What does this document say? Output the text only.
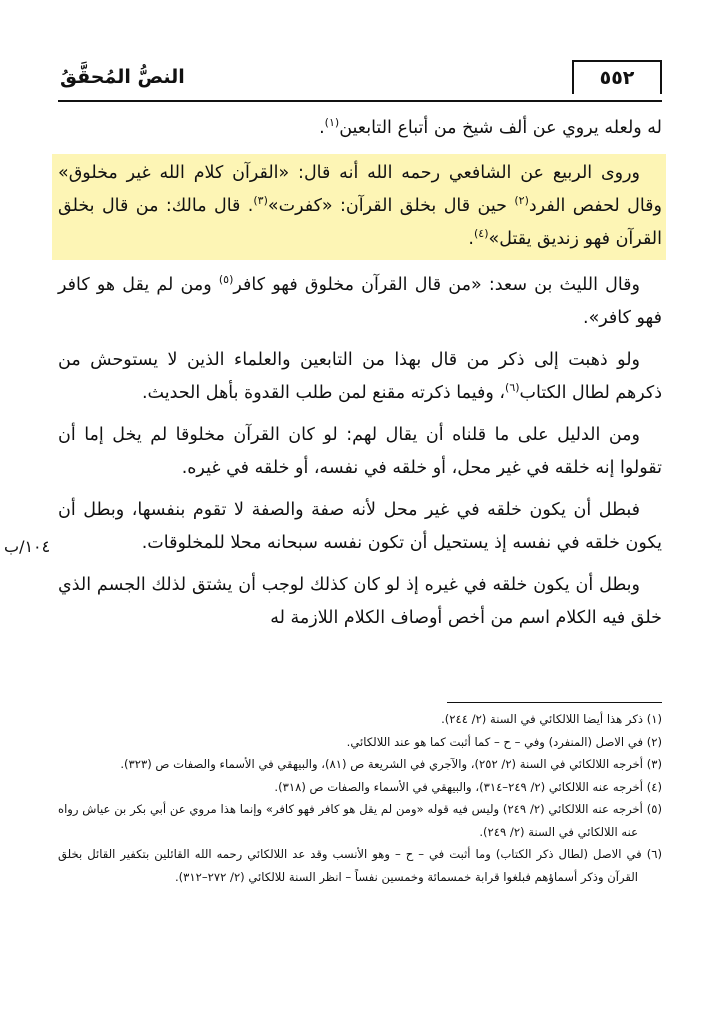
النصُّ المُحقَّقُ	٥٥٢

له ولعله يروي عن ألف شيخ من أتباع التابعين$^{(١)}$.

وروى الربيع عن الشافعي رحمه الله أنه قال: «القرآن كلام الله غير مخلوق» وقال لحفص الفرد$^{(٢)}$ حين قال بخلق القرآن: «كفرت»$^{(٣)}$. قال مالك: من قال بخلق القرآن فهو زنديق يقتل»$^{(٤)}$.

وقال الليث بن سعد: «من قال القرآن مخلوق فهو كافر$^{(٥)}$ ومن لم يقل هو كافر فهو كافر».

ولو ذهبت إلى ذكر من قال بهذا من التابعين والعلماء الذين لا يستوحش من ذكرهم لطال الكتاب$^{(٦)}$، وفيما ذكرته مقنع لمن طلب القدوة بأهل الحديث.

ومن الدليل على ما قلناه أن يقال لهم: لو كان القرآن مخلوقا لم يخل إما أن تقولوا إنه خلقه في غير محل، أو خلقه في نفسه، أو خلقه في غيره.

فبطل أن يكون خلقه في غير محل لأنه صفة والصفة لا تقوم بنفسها، وبطل أن يكون خلقه في نفسه إذ يستحيل أن تكون نفسه سبحانه محلا للمخلوقات.

وبطل أن يكون خلقه في غيره إذ لو كان كذلك لوجب أن يشتق لذلك الجسم الذي خلق فيه الكلام اسم من أخص أوصاف الكلام اللازمة له

١٠٤/ب

(١) ذكر هذا أيضا اللالكائي في السنة (٢/ ٢٤٤).

(٢) في الاصل (المنفرد) وفي – ح – كما أثبت كما هو عند اللالكائي.

(٣) أخرجه اللالكائي في السنة (٢/ ٢٥٢)، والآجري في الشريعة ص (٨١)، والبيهقي في الأسماء والصفات ص (٣٢٣).

(٤) أخرجه عنه اللالكائي (٢/ ٢٤٩–٣١٤)، والبيهقي في الأسماء والصفات ص (٣١٨).

(٥) أخرجه عنه اللالكائي (٢/ ٢٤٩) وليس فيه قوله «ومن لم يقل هو كافر فهو كافر» وإنما هذا مروي عن أبي بكر بن عياش رواه عنه اللالكائي في السنة (٢/ ٢٤٩).

(٦) في الاصل (لطال ذكر الكتاب) وما أثبت في – ح – وهو الأنسب وقد عد اللالكائي رحمه الله القائلين بتكفير القائل بخلق القرآن وذكر أسماؤهم فبلغوا قرابة خمسمائة وخمسين نفساً – انظر السنة للالكائي (٢/ ٢٧٢–٣١٢).
